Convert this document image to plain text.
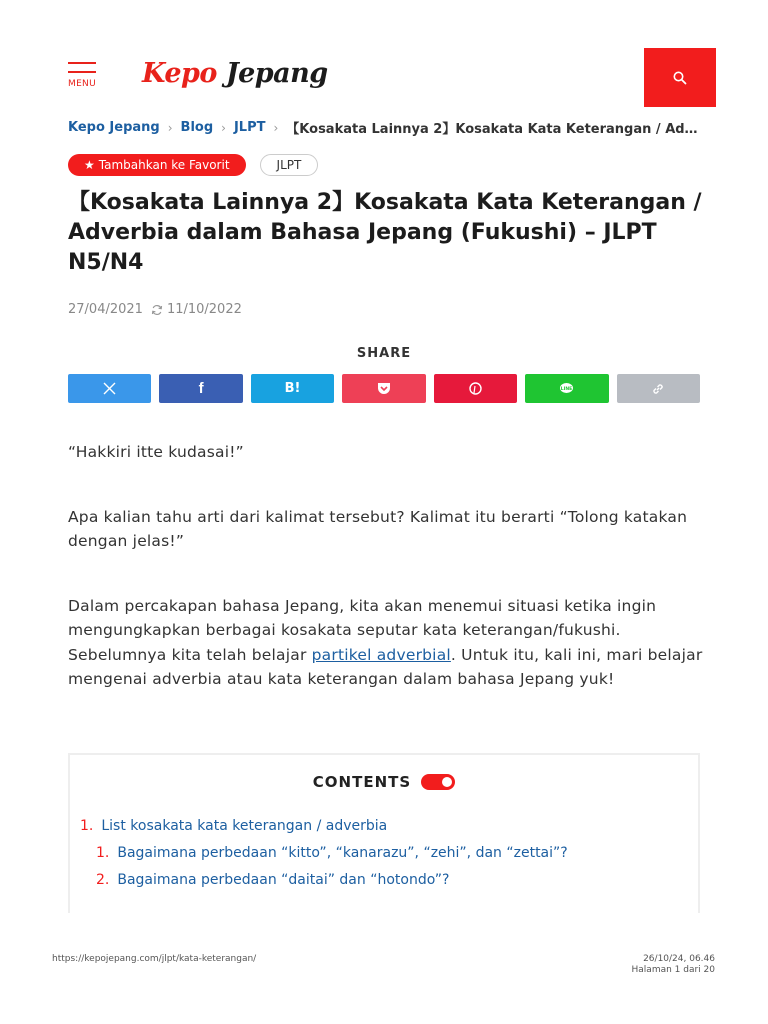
MENU Kepo Jepang
Kepo Jepang › Blog › JLPT › 【Kosakata Lainnya 2】Kosakata Kata Keterangan / Ad…
★ Tambahkan ke Favorit	JLPT
【Kosakata Lainnya 2】Kosakata Kata Keterangan / Adverbia dalam Bahasa Jepang (Fukushi) – JLPT N5/N4
27/04/2021 11/10/2022
SHARE
f	B!	LINE

“Hakkiri itte kudasai!”

Apa kalian tahu arti dari kalimat tersebut? Kalimat itu berarti “Tolong katakan dengan jelas!”

Dalam percakapan bahasa Jepang, kita akan menemui situasi ketika ingin mengungkapkan berbagai kosakata seputar kata keterangan/fukushi. Sebelumnya kita telah belajar partikel adverbial. Untuk itu, kali ini, mari belajar mengenai adverbia atau kata keterangan dalam bahasa Jepang yuk!

CONTENTS
1. List kosakata kata keterangan / adverbia
1. Bagaimana perbedaan “kitto”, “kanarazu”, “zehi”, dan “zettai”?
2. Bagaimana perbedaan “daitai” dan “hotondo”?
https://kepojepang.com/jlpt/kata-keterangan/	26/10/24, 06.46
Halaman 1 dari 20
